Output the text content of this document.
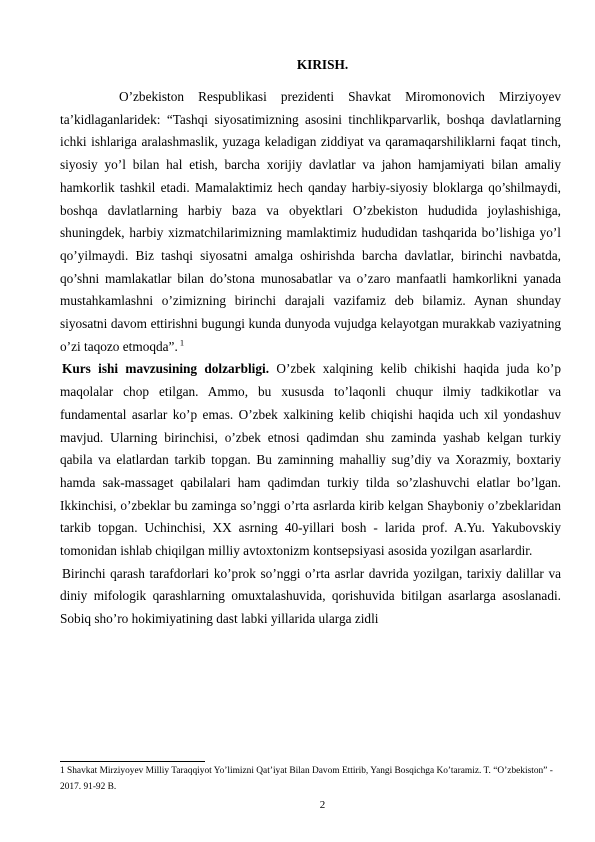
KIRISH.

O’zbekiston Respublikasi prezidenti Shavkat Miromonovich Mirziyoyev ta’kidlaganlaridek: “Tashqi siyosatimizning asosini tinchlikparvarlik, boshqa davlatlarning ichki ishlariga aralashmaslik, yuzaga keladigan ziddiyat va qaramaqarshiliklarni faqat tinch, siyosiy yo’l bilan hal etish, barcha xorijiy davlatlar va jahon hamjamiyati bilan amaliy hamkorlik tashkil etadi. Mamalaktimiz hech qanday harbiy-siyosiy bloklarga qo’shilmaydi, boshqa davlatlarning harbiy baza va obyektlari O’zbekiston hududida joylashishiga, shuningdek, harbiy xizmatchilarimizning mamlaktimiz hududidan tashqarida bo’lishiga yo’l qo’yilmaydi. Biz tashqi siyosatni amalga oshirishda barcha davlatlar, birinchi navbatda, qo’shni mamlakatlar bilan do’stona munosabatlar va o’zaro manfaatli hamkorlikni yanada mustahkamlashni o’zimizning birinchi darajali vazifamiz deb bilamiz. Aynan shunday siyosatni davom ettirishni bugungi kunda dunyoda vujudga kelayotgan murakkab vaziyatning o’zi taqozo etmoqda”. $^1$

Kurs ishi mavzusining dolzarbligi. O’zbek xalqining kelib chikishi haqida juda ko’p maqolalar chop etilgan. Ammo, bu xususda to’laqonli chuqur ilmiy tadkikotlar va fundamental asarlar ko’p emas. O’zbek xalkining kelib chiqishi haqida uch xil yondashuv mavjud. Ularning birinchisi, o’zbek etnosi qadimdan shu zaminda yashab kelgan turkiy qabila va elatlardan tarkib topgan. Bu zaminning mahalliy sug’diy va Xorazmiy, boxtariy hamda sak-massaget qabilalari ham qadimdan turkiy tilda so’zlashuvchi elatlar bo’lgan. Ikkinchisi, o’zbeklar bu zaminga so’nggi o’rta asrlarda kirib kelgan Shayboniy o’zbeklaridan tarkib topgan. Uchinchisi, XX asrning 40-yillari bosh - larida prof. A.Yu. Yakubovskiy tomonidan ishlab chiqilgan milliy avtoxtonizm kontsepsiyasi asosida yozilgan asarlardir.

Birinchi qarash tarafdorlari ko’prok so’nggi o’rta asrlar davrida yozilgan, tarixiy dalillar va diniy mifologik qarashlarning omuxtalashuvida, qorishuvida bitilgan asarlarga asoslanadi. Sobiq sho’ro hokimiyatining dast labki yillarida ularga zidli

1 Shavkat Mirziyoyev Milliy Taraqqiyot Yo’limizni Qat’iyat Bilan Davom Ettirib, Yangi Bosqichga Ko’taramiz. T. “O’zbekiston” - 2017. 91-92 B.
2
